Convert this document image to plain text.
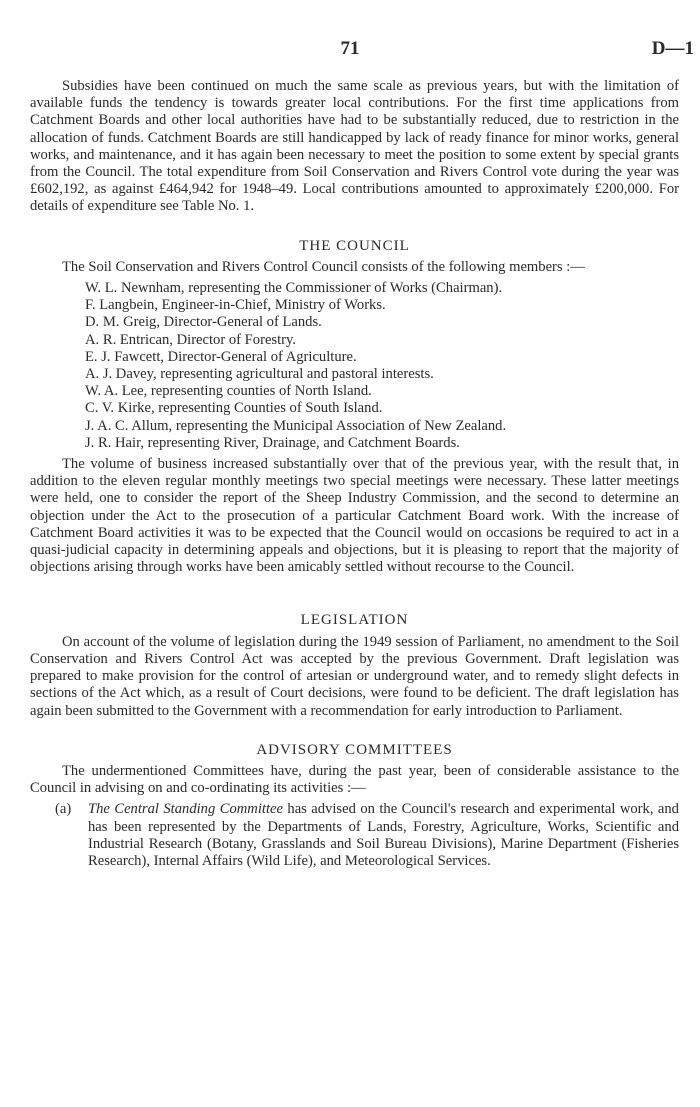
71	D—1

Subsidies have been continued on much the same scale as previous years, but with the limitation of available funds the tendency is towards greater local contributions. For the first time applications from Catchment Boards and other local authorities have had to be substantially reduced, due to restriction in the allocation of funds. Catchment Boards are still handicapped by lack of ready finance for minor works, general works, and maintenance, and it has again been necessary to meet the position to some extent by special grants from the Council. The total expenditure from Soil Conservation and Rivers Control vote during the year was £602,192, as against £464,942 for 1948–49. Local contributions amounted to approximately £200,000. For details of expenditure see Table No. 1.

THE COUNCIL

The Soil Conservation and Rivers Control Council consists of the following members :—

W. L. Newnham, representing the Commissioner of Works (Chairman).
F. Langbein, Engineer-in-Chief, Ministry of Works.
D. M. Greig, Director-General of Lands.
A. R. Entrican, Director of Forestry.
E. J. Fawcett, Director-General of Agriculture.
A. J. Davey, representing agricultural and pastoral interests.
W. A. Lee, representing counties of North Island.
C. V. Kirke, representing Counties of South Island.
J. A. C. Allum, representing the Municipal Association of New Zealand.
J. R. Hair, representing River, Drainage, and Catchment Boards.

The volume of business increased substantially over that of the previous year, with the result that, in addition to the eleven regular monthly meetings two special meetings were necessary. These latter meetings were held, one to consider the report of the Sheep Industry Commission, and the second to determine an objection under the Act to the prosecution of a particular Catchment Board work. With the increase of Catchment Board activities it was to be expected that the Council would on occasions be required to act in a quasi-judicial capacity in determining appeals and objections, but it is pleasing to report that the majority of objections arising through works have been amicably settled without recourse to the Council.

LEGISLATION

On account of the volume of legislation during the 1949 session of Parliament, no amendment to the Soil Conservation and Rivers Control Act was accepted by the previous Government. Draft legislation was prepared to make provision for the control of artesian or underground water, and to remedy slight defects in sections of the Act which, as a result of Court decisions, were found to be deficient. The draft legislation has again been submitted to the Government with a recommendation for early introduction to Parliament.

ADVISORY COMMITTEES

The undermentioned Committees have, during the past year, been of considerable assistance to the Council in advising on and co-ordinating its activities :—

(a) The Central Standing Committee has advised on the Council's research and experimental work, and has been represented by the Departments of Lands, Forestry, Agriculture, Works, Scientific and Industrial Research (Botany, Grasslands and Soil Bureau Divisions), Marine Department (Fisheries Research), Internal Affairs (Wild Life), and Meteorological Services.
